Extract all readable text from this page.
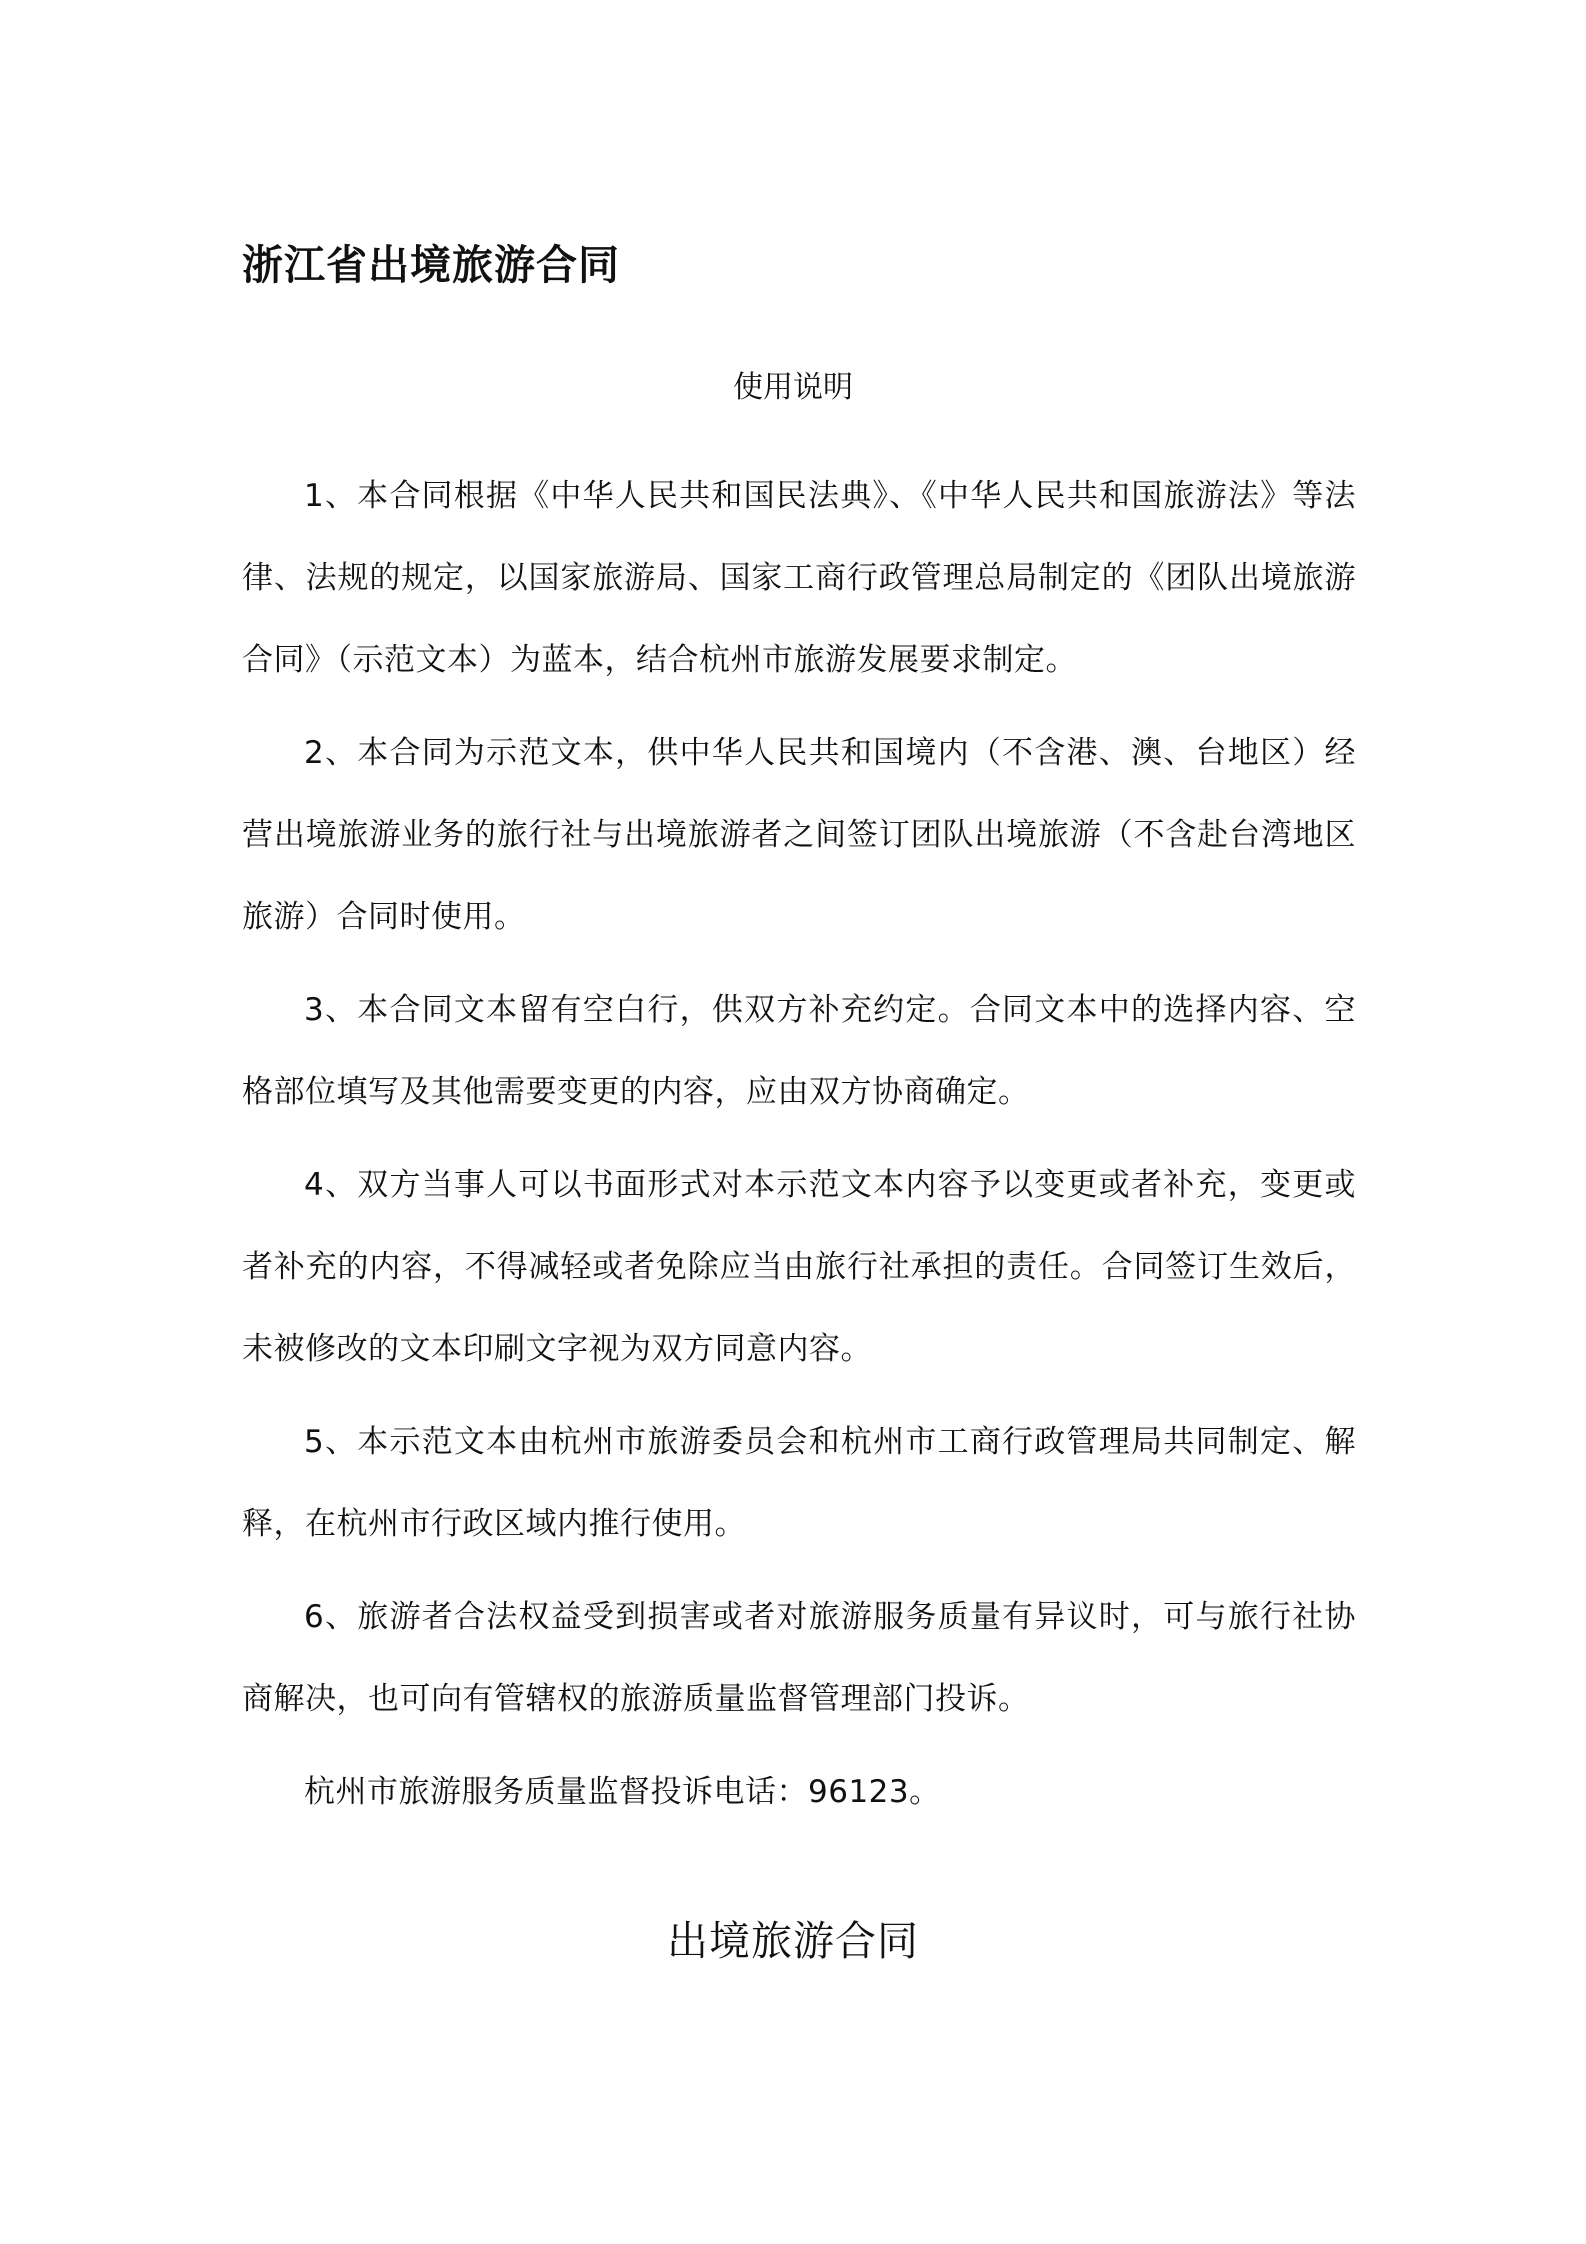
浙江省出境旅游合同
使用说明

1、本合同根据《中华人民共和国民法典》、《中华人民共和国旅游法》等法律、法规的规定，以国家旅游局、国家工商行政管理总局制定的《团队出境旅游合同》（示范文本）为蓝本，结合杭州市旅游发展要求制定。

2、本合同为示范文本，供中华人民共和国境内（不含港、澳、台地区）经营出境旅游业务的旅行社与出境旅游者之间签订团队出境旅游（不含赴台湾地区旅游）合同时使用。

3、本合同文本留有空白行，供双方补充约定。合同文本中的选择内容、空格部位填写及其他需要变更的内容，应由双方协商确定。

4、双方当事人可以书面形式对本示范文本内容予以变更或者补充，变更或者补充的内容，不得减轻或者免除应当由旅行社承担的责任。合同签订生效后，未被修改的文本印刷文字视为双方同意内容。

5、本示范文本由杭州市旅游委员会和杭州市工商行政管理局共同制定、解释，在杭州市行政区域内推行使用。

6、旅游者合法权益受到损害或者对旅游服务质量有异议时，可与旅行社协商解决，也可向有管辖权的旅游质量监督管理部门投诉。

杭州市旅游服务质量监督投诉电话：96123。

出境旅游合同
